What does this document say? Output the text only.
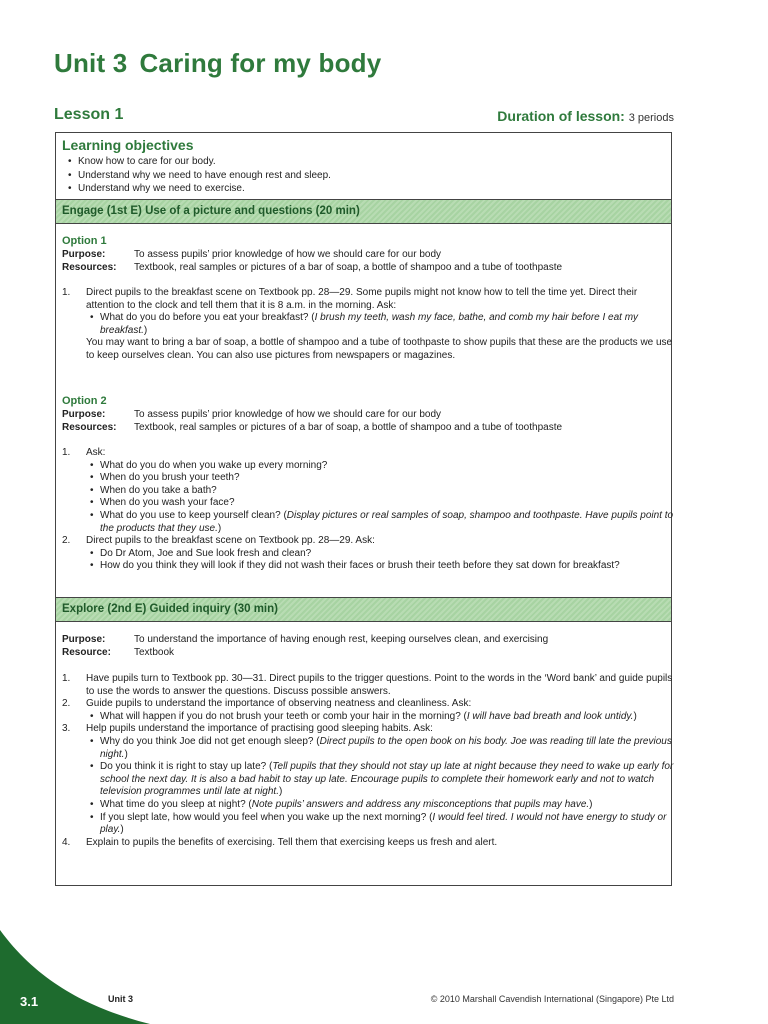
Unit 3 Caring for my body
Lesson 1	Duration of lesson: 3 periods
Learning objectives
• Know how to care for our body.
• Understand why we need to have enough rest and sleep.
• Understand why we need to exercise.
Engage (1st E) Use of a picture and questions (20 min)
Option 1
Purpose:	To assess pupils’ prior knowledge of how we should care for our body
Resources:	Textbook, real samples or pictures of a bar of soap, a bottle of shampoo and a tube of toothpaste
1. Direct pupils to the breakfast scene on Textbook pp. 28—29. Some pupils might not know how to tell the time yet. Direct their attention to the clock and tell them that it is 8 a.m. in the morning. Ask:
• What do you do before you eat your breakfast? (I brush my teeth, wash my face, bathe, and comb my hair before I eat my breakfast.)
You may want to bring a bar of soap, a bottle of shampoo and a tube of toothpaste to show pupils that these are the products we use to keep ourselves clean. You can also use pictures from newspapers or magazines.
Option 2
Purpose:	To assess pupils’ prior knowledge of how we should care for our body
Resources:	Textbook, real samples or pictures of a bar of soap, a bottle of shampoo and a tube of toothpaste
1. Ask:
• What do you do when you wake up every morning?
• When do you brush your teeth?
• When do you take a bath?
• When do you wash your face?
• What do you use to keep yourself clean? (Display pictures or real samples of soap, shampoo and toothpaste. Have pupils point to the products that they use.)
2. Direct pupils to the breakfast scene on Textbook pp. 28—29. Ask:
• Do Dr Atom, Joe and Sue look fresh and clean?
• How do you think they will look if they did not wash their faces or brush their teeth before they sat down for breakfast?
Explore (2nd E) Guided inquiry (30 min)
Purpose:	To understand the importance of having enough rest, keeping ourselves clean, and exercising
Resource:	Textbook
1. Have pupils turn to Textbook pp. 30—31. Direct pupils to the trigger questions. Point to the words in the ‘Word bank’ and guide pupils to use the words to answer the questions. Discuss possible answers.
2. Guide pupils to understand the importance of observing neatness and cleanliness. Ask:
• What will happen if you do not brush your teeth or comb your hair in the morning? (I will have bad breath and look untidy.)
3. Help pupils understand the importance of practising good sleeping habits. Ask:
• Why do you think Joe did not get enough sleep? (Direct pupils to the open book on his body. Joe was reading till late the previous night.)
• Do you think it is right to stay up late? (Tell pupils that they should not stay up late at night because they need to wake up early for school the next day. It is also a bad habit to stay up late. Encourage pupils to complete their homework early and not to watch television programmes until late at night.)
• What time do you sleep at night? (Note pupils’ answers and address any misconceptions that pupils may have.)
• If you slept late, how would you feel when you wake up the next morning? (I would feel tired. I would not have energy to study or play.)
4. Explain to pupils the benefits of exercising. Tell them that exercising keeps us fresh and alert.
3.1	Unit 3	© 2010 Marshall Cavendish International (Singapore) Pte Ltd
